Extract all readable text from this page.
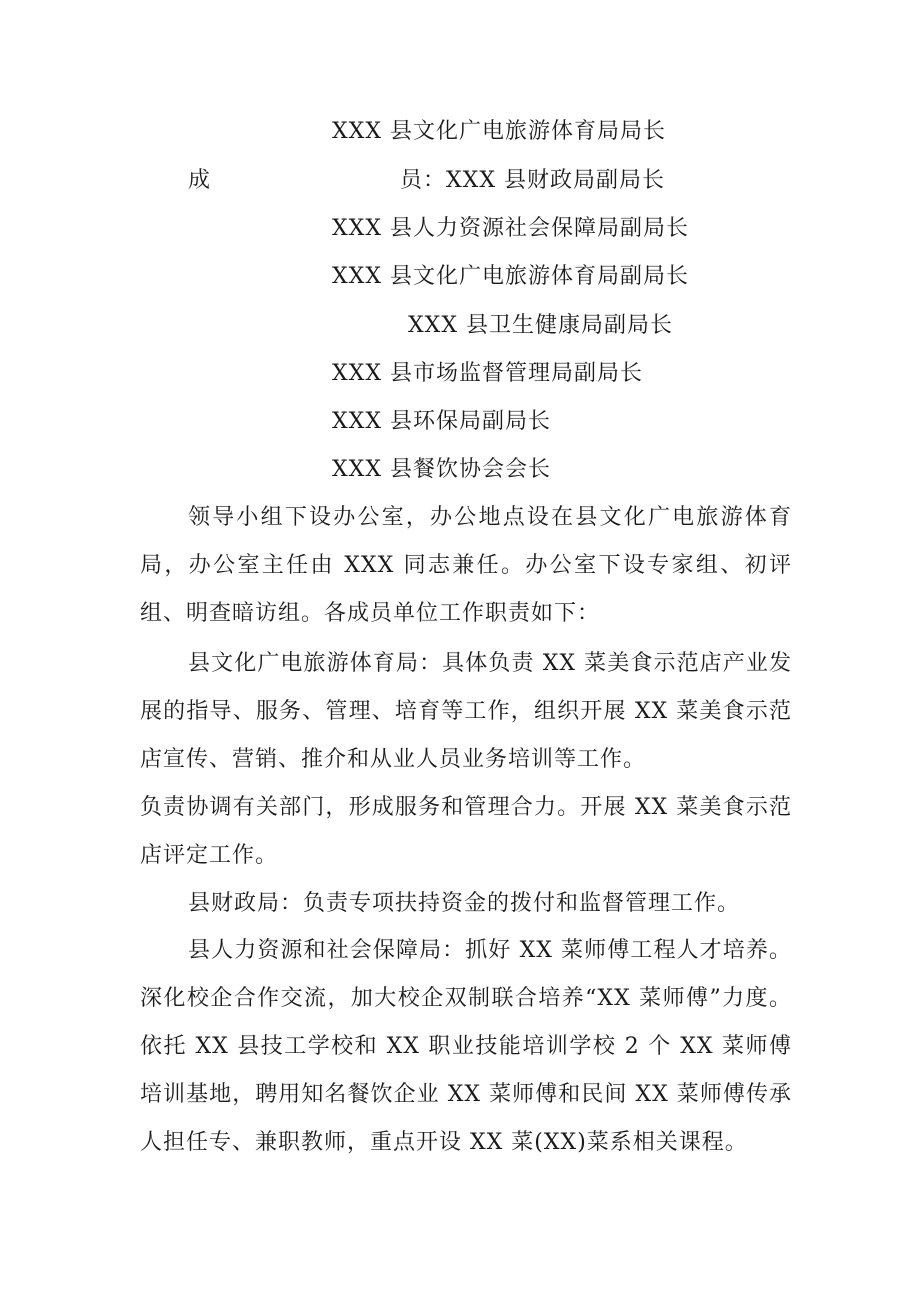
XXX 县文化广电旅游体育局局长
成	员：XXX 县财政局副局长
XXX 县人力资源社会保障局副局长
XXX 县文化广电旅游体育局副局长
XXX 县卫生健康局副局长
XXX 县市场监督管理局副局长
XXX 县环保局副局长
XXX 县餐饮协会会长
领导小组下设办公室，办公地点设在县文化广电旅游体育局，办公室主任由 XXX 同志兼任。办公室下设专家组、初评组、明查暗访组。各成员单位工作职责如下：
县文化广电旅游体育局：具体负责 XX 菜美食示范店产业发展的指导、服务、管理、培育等工作，组织开展 XX 菜美食示范店宣传、营销、推介和从业人员业务培训等工作。
负责协调有关部门，形成服务和管理合力。开展 XX 菜美食示范店评定工作。
县财政局：负责专项扶持资金的拨付和监督管理工作。
县人力资源和社会保障局：抓好 XX 菜师傅工程人才培养。深化校企合作交流，加大校企双制联合培养“XX 菜师傅”力度。依托 XX 县技工学校和 XX 职业技能培训学校 2 个 XX 菜师傅培训基地，聘用知名餐饮企业 XX 菜师傅和民间 XX 菜师傅传承人担任专、兼职教师，重点开设 XX 菜(XX)菜系相关课程。
